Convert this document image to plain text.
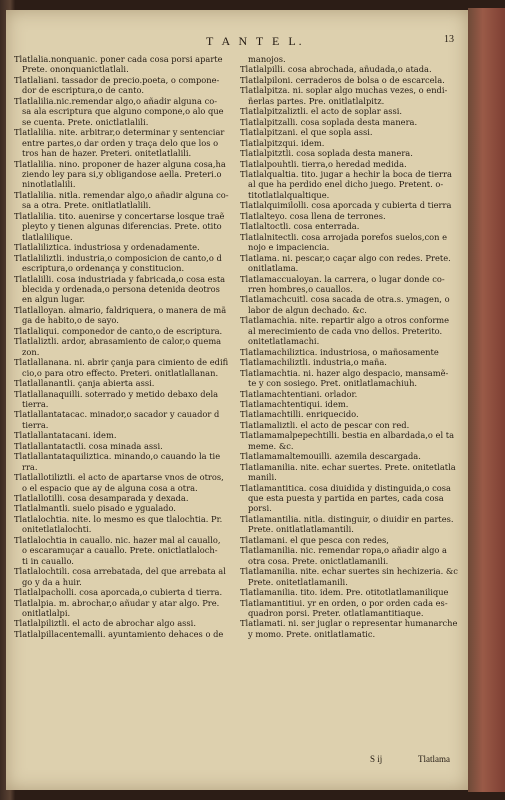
T A N T E L.	13
Tlatlalia.nonquanic. poner cada cosa porsi aparte
Prete. ononquanictlatlali.
Tlatlaliani. tassador de precio.poeta, o compone-
dor de escriptura,o de canto.
Tlatlalilia.nic.remendar algo,o añadir alguna co-
sa ala escriptura que alguno compone,o alo que
se cuenta. Prete. onictlatlalili.
Tlatlalilia. nite. arbitrar,o determinar y sentenciar
entre partes,o dar orden y traça delo que los o
tros han de hazer. Preteri. onitetlatlalili.
Tlatlalilia. nino. proponer de hazer alguna cosa,ha
ziendo ley para si,y obligandose aella. Preteri.o
ninotlatlalili.
Tlatlalilia. nitla. remendar algo,o añadir alguna co-
sa a otra. Prete. onitlatlatlalili.
Tlatlalilia. tito. auenirse y concertarse losque traẽ
pleyto y tienen algunas diferencias. Prete. otito
tlatlalilique.
Tlatlaliliztica. industriosa y ordenadamente.
Tlatlaliliztli. industria,o composicion de canto,o d
escriptura,o ordenança y constitucion.
Tlatlalilli. cosa industriada y fabricada,o cosa esta
blecida y ordenada,o persona detenida deotros
en algun lugar.
Tlatlalloyan. almario, faldriquera, o manera de mã
ga de habito,o de sayo.
Tlatlaliqui. componedor de canto,o de escriptura.
Tlatlaliztli. ardor, abrasamiento de calor,o quema
zon.
Tlatlallanana. ni. abrir çanja para cimiento de edifi
cio,o para otro effecto. Preteri. onitlatlallanan.
Tlatlallanantli. çanja abierta assi.
Tlatlallanaquilli. soterrado y metido debaxo dela
tierra.
Tlatlallantatacac. minador,o sacador y cauador d
tierra.
Tlatlallantatacani. idem.
Tlatlallantatactli. cosa minada assi.
Tlatlallantataquiliztica. minando,o cauando la tie
rra.
Tlatlallotiliztli. el acto de apartarse vnos de otros,
o el espacio que ay de alguna cosa a otra.
Tlatlallotilli. cosa desamparada y dexada.
Tlatlalmantli. suelo pisado e ygualado.
Tlatlalochtia. nite. lo mesmo es que tlalochtia. Pr.
onitetlatlalochti.
Tlatlalochtia in cauallo. nic. hazer mal al cauallo,
o escaramuçar a cauallo. Prete. onictlatlaloch-
ti in cauallo.
Tlatlalochtili. cosa arrebatada, del que arrebata al
go y da a huir.
Tlatlalpacholli. cosa aporcada,o cubierta d tierra.
Tlatlalpia. m. abrochar,o añudar y atar algo. Pre.
onitlatlalpi.
Tlatlalpiliztli. el acto de abrochar algo assi.
Tlatlalpillacentemalli. ayuntamiento dehaces o de
manojos.
Tlatlalpilli. cosa abrochada, añudada,o atada.
Tlatlalpiloni. cerraderos de bolsa o de escarcela.
Tlatlalpitza. ni. soplar algo muchas vezes, o endi-
ñerlas partes. Pre. onitlatlalpitz.
Tlatlalpitzaliztli. el acto de soplar assi.
Tlatlalpitzalli. cosa soplada desta manera.
Tlatlalpitzani. el que sopla assi.
Tlatlalpitzqui. idem.
Tlatlalpitztli. cosa soplada desta manera.
Tlatlalpouhtli. tierra,o heredad medida.
Tlatlalqualtia. tito. jugar a hechir la boca de tierra
al que ha perdido enel dicho juego. Pretent. o-
titotlatlalqualtique.
Tlatlalquimilolli. cosa aporcada y cubierta d tierra
Tlatlalteyo. cosa llena de terrones.
Tlatlaltoctli. cosa enterrada.
Tlatlalnitectli. cosa arrojada porefos suelos,con e
nojo e impaciencia.
Tlatlama. ni. pescar,o caçar algo con redes. Prete.
onitlatlama.
Tlatlamaccualoyan. la carrera, o lugar donde co-
rren hombres,o cauallos.
Tlatlamachcuitl. cosa sacada de otra.s. ymagen, o
labor de algun dechado. &c.
Tlatlamachia. nite. repartir algo a otros conforme
al merecimiento de cada vno dellos. Preterito.
onitetlatlamachi.
Tlatlamachiliztica. industriosa, o mañosamente
Tlatlamachiliztli. industria,o maña.
Tlatlamachtia. ni. hazer algo despacio, mansamẽ-
te y con sosiego. Pret. onitlatlamachiuh.
Tlatlamachtentiani. orlador.
Tlatlamachtentiqui. idem.
Tlatlamachtilli. enriquecido.
Tlatlamaliztli. el acto de pescar con red.
Tlatlamamalpepechtilli. bestia en albardada,o el ta
meme. &c.
Tlatlamamaltemouilli. azemila descargada.
Tlatlamanilia. nite. echar suertes. Prete. onitetlatla
manili.
Tlatlamantitica. cosa diuidida y distinguida,o cosa
que esta puesta y partida en partes, cada cosa
porsi.
Tlatlamantilia. nitla. distinguir, o diuidir en partes.
Prete. onitlatlatlamantili.
Tlatlamani. el que pesca con redes,
Tlatlamanilia. nic. remendar ropa,o añadir algo a
otra cosa. Prete. onictlatlamanili.
Tlatlamanilia. nite. echar suertes sin hechizeria. &c
Prete. onitetlatlamanili.
Tlatlamanilia. tito. idem. Pre. otitotlatlamanilique
Tlatlamantitiui. yr en orden, o por orden cada es-
quadron porsi. Preter. otlatlamantitiaque.
Tlatlamati. ni. ser juglar o representar humanarche
y momo. Prete. onitlatlamatic.
S ij	Tlatlama
